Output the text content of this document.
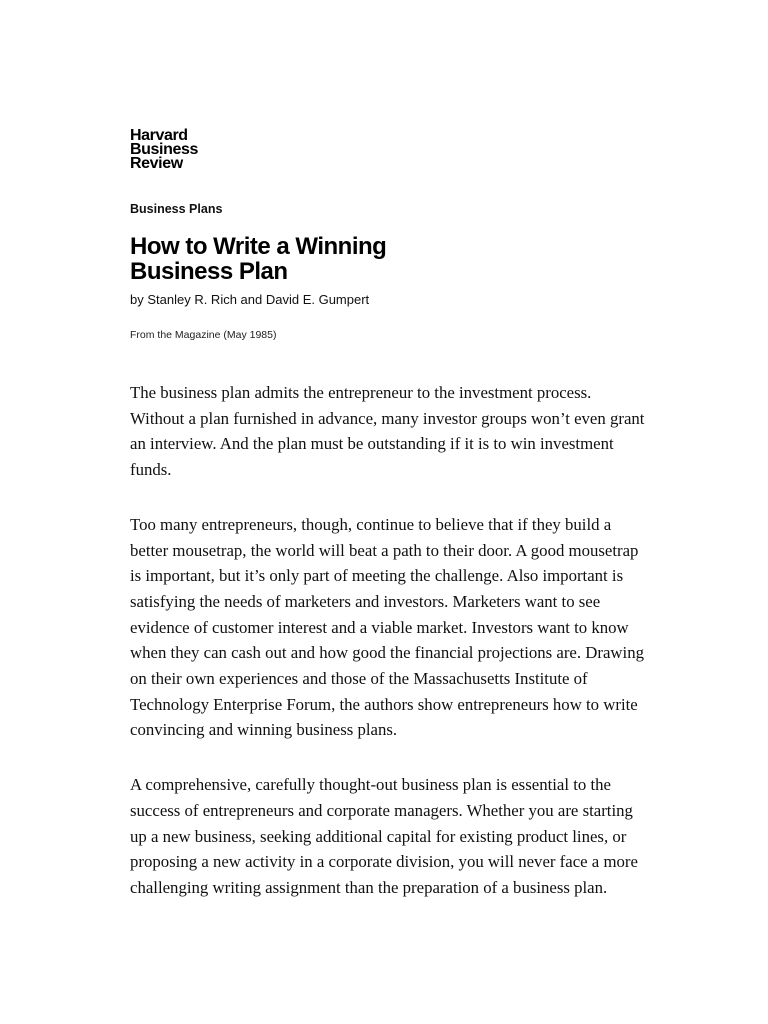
Harvard
Business
Review
Business Plans
How to Write a Winning
Business Plan
by Stanley R. Rich and David E. Gumpert
From the Magazine (May 1985)

The business plan admits the entrepreneur to the investment process. Without a plan furnished in advance, many investor groups won’t even grant an interview. And the plan must be outstanding if it is to win investment funds.

Too many entrepreneurs, though, continue to believe that if they build a better mousetrap, the world will beat a path to their door. A good mousetrap is important, but it’s only part of meeting the challenge. Also important is satisfying the needs of marketers and investors. Marketers want to see evidence of customer interest and a viable market. Investors want to know when they can cash out and how good the financial projections are. Drawing on their own experiences and those of the Massachusetts Institute of Technology Enterprise Forum, the authors show entrepreneurs how to write convincing and winning business plans.

A comprehensive, carefully thought-out business plan is essential to the success of entrepreneurs and corporate managers. Whether you are starting up a new business, seeking additional capital for existing product lines, or proposing a new activity in a corporate division, you will never face a more challenging writing assignment than the preparation of a business plan.
